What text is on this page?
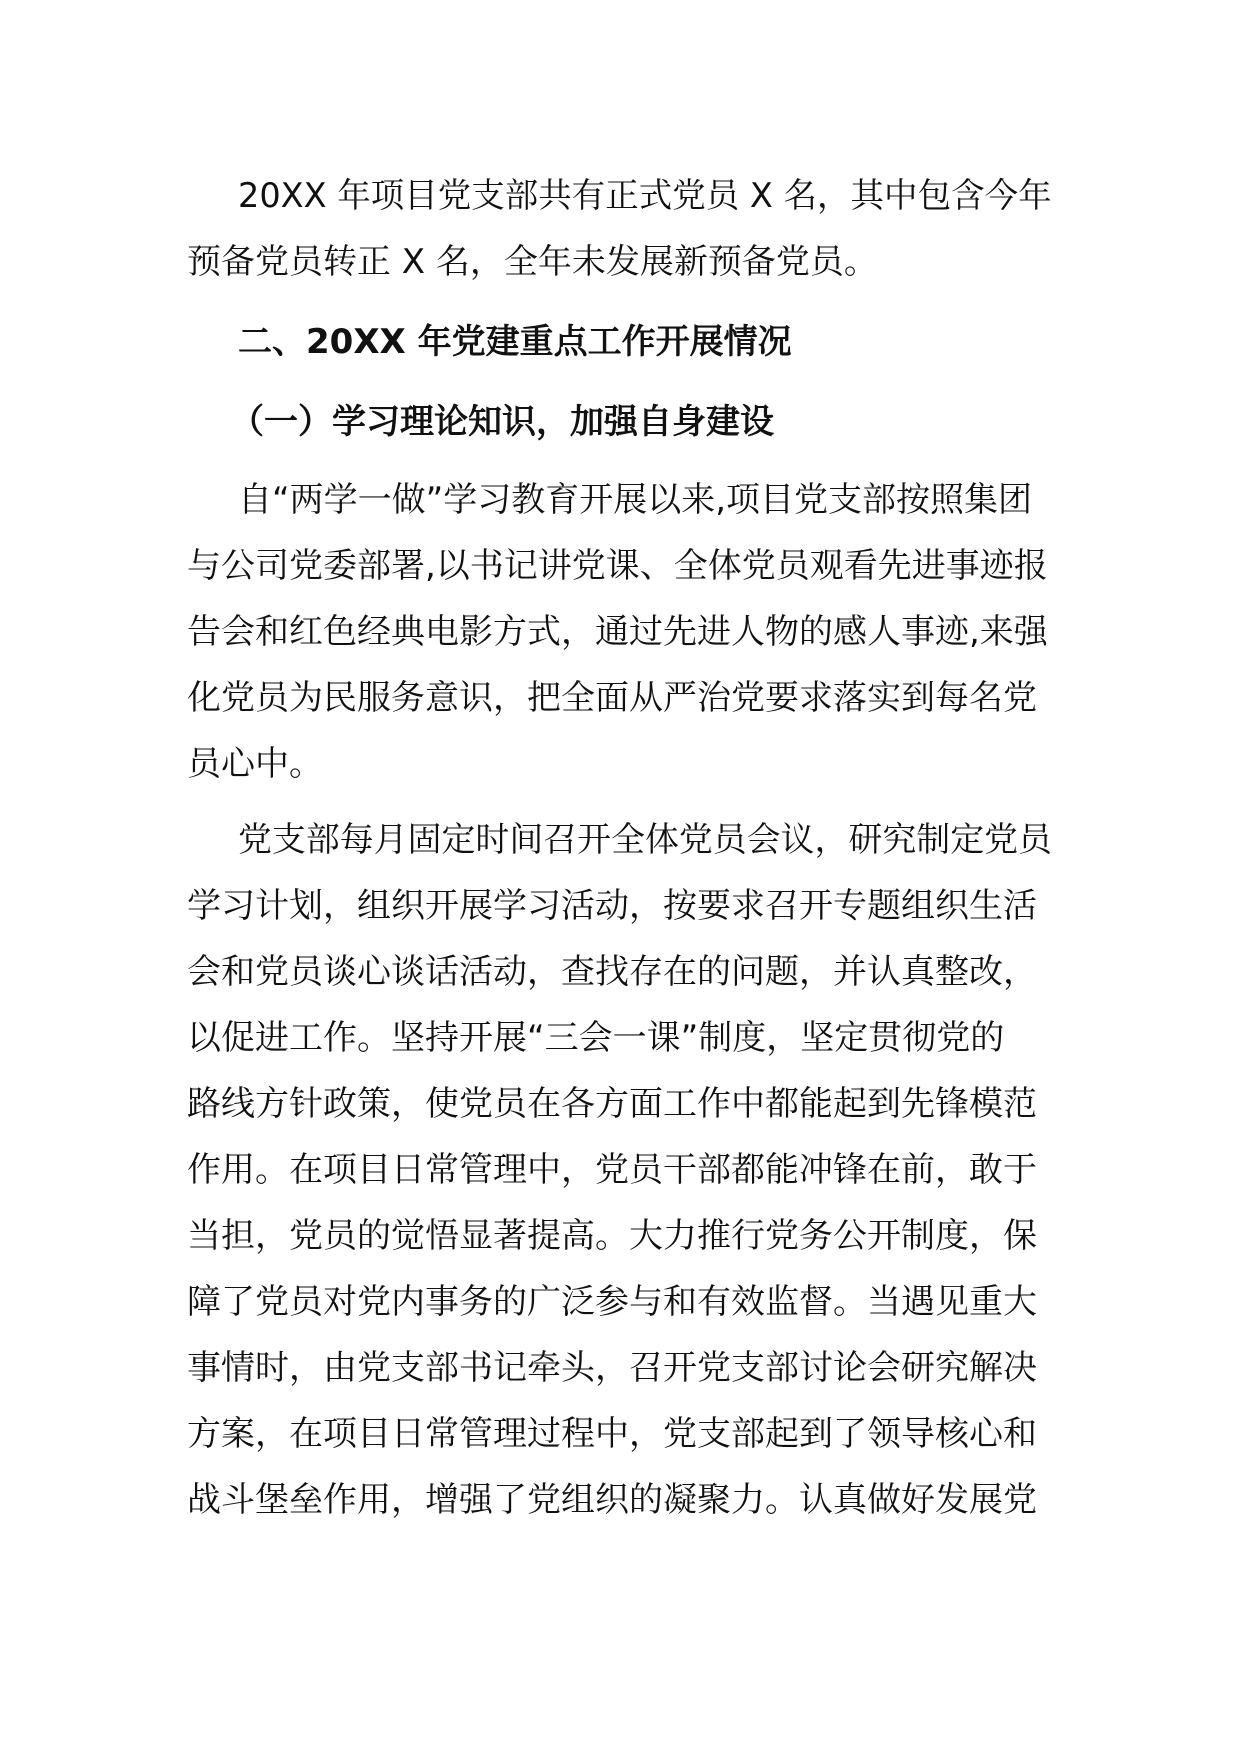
20XX 年项目党支部共有正式党员 X 名，其中包含今年
预备党员转正 X 名，全年未发展新预备党员。
二、20XX 年党建重点工作开展情况
（一）学习理论知识，加强自身建设
自“两学一做”学习教育开展以来,项目党支部按照集团
与公司党委部署,以书记讲党课、全体党员观看先进事迹报
告会和红色经典电影方式，通过先进人物的感人事迹,来强
化党员为民服务意识，把全面从严治党要求落实到每名党
员心中。
党支部每月固定时间召开全体党员会议，研究制定党员
学习计划，组织开展学习活动，按要求召开专题组织生活
会和党员谈心谈话活动，查找存在的问题，并认真整改，
以促进工作。坚持开展“三会一课”制度，坚定贯彻党的
路线方针政策，使党员在各方面工作中都能起到先锋模范
作用。在项目日常管理中，党员干部都能冲锋在前，敢于
当担，党员的觉悟显著提高。大力推行党务公开制度，保
障了党员对党内事务的广泛参与和有效监督。当遇见重大
事情时，由党支部书记牵头，召开党支部讨论会研究解决
方案，在项目日常管理过程中，党支部起到了领导核心和
战斗堡垒作用，增强了党组织的凝聚力。认真做好发展党
